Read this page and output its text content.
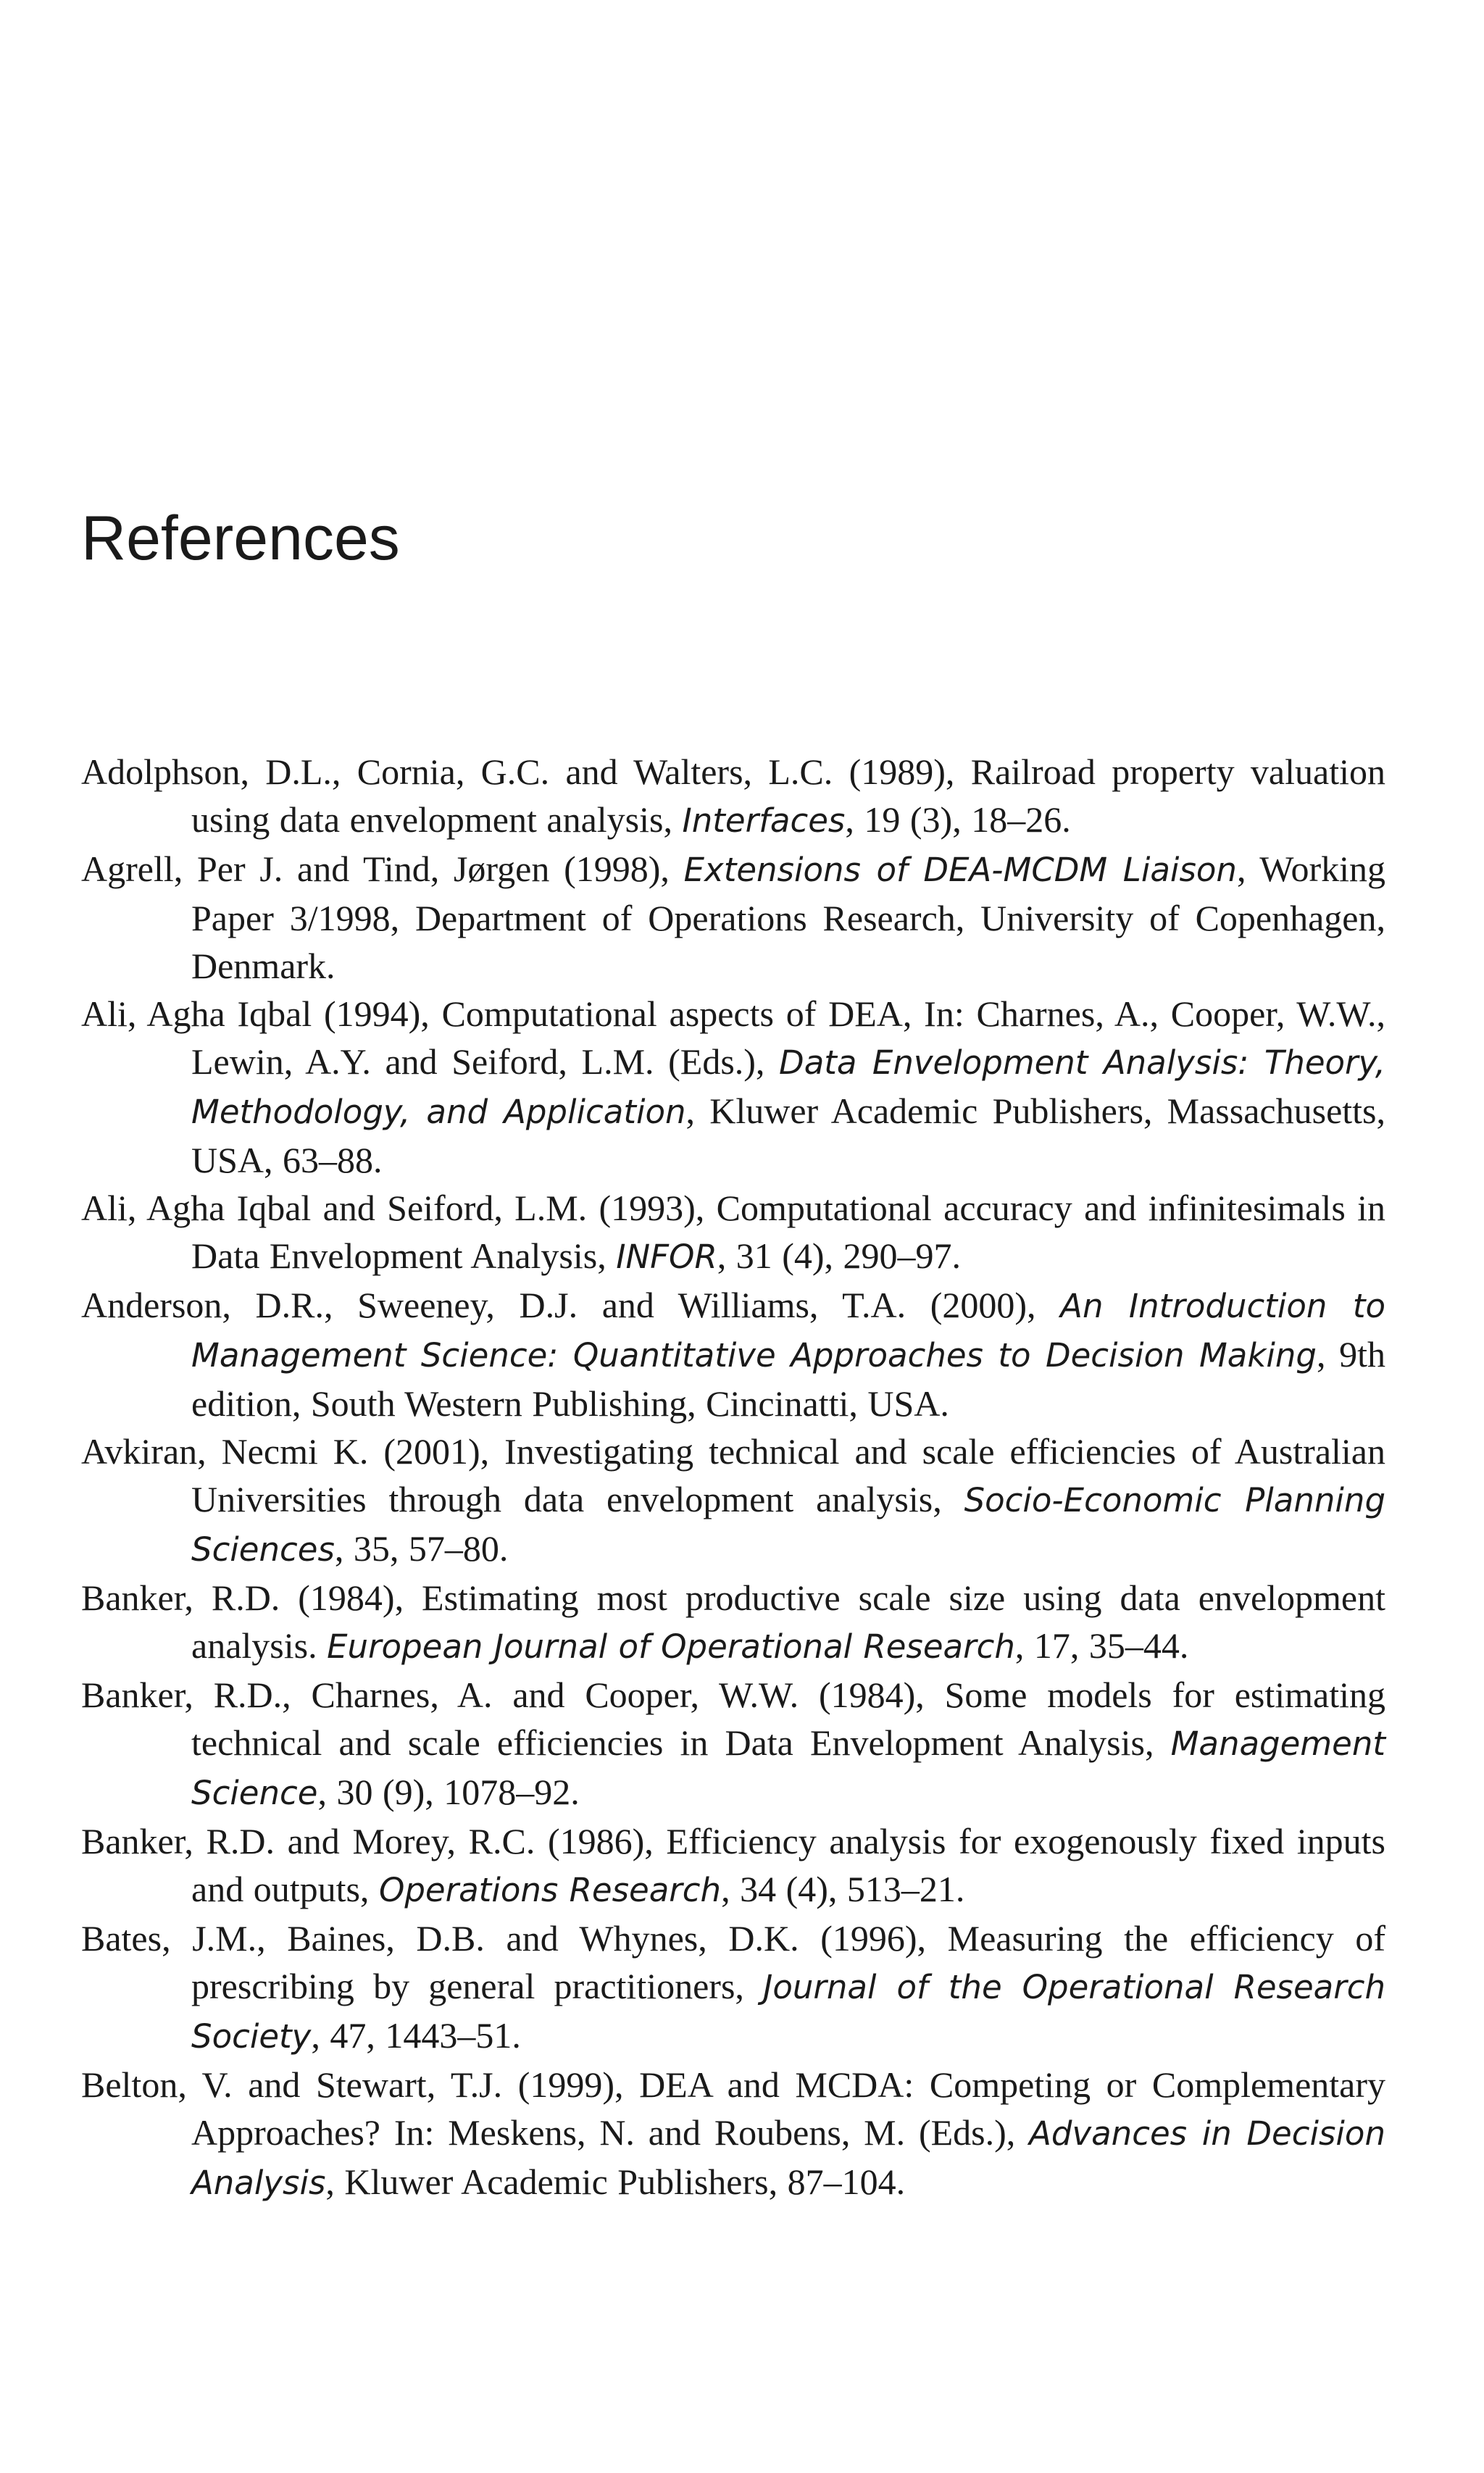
References

Adolphson, D.L., Cornia, G.C. and Walters, L.C. (1989), Railroad property valuation using data envelopment analysis, Interfaces, 19 (3), 18–26.

Agrell, Per J. and Tind, Jørgen (1998), Extensions of DEA-MCDM Liaison, Working Paper 3/1998, Department of Operations Research, University of Copenhagen, Denmark.

Ali, Agha Iqbal (1994), Computational aspects of DEA, In: Charnes, A., Cooper, W.W., Lewin, A.Y. and Seiford, L.M. (Eds.), Data Envelopment Analysis: Theory, Methodology, and Application, Kluwer Academic Publishers, Massachusetts, USA, 63–88.

Ali, Agha Iqbal and Seiford, L.M. (1993), Computational accuracy and infinitesimals in Data Envelopment Analysis, INFOR, 31 (4), 290–97.

Anderson, D.R., Sweeney, D.J. and Williams, T.A. (2000), An Introduction to Management Science: Quantitative Approaches to Decision Making, 9th edition, South Western Publishing, Cincinatti, USA.

Avkiran, Necmi K. (2001), Investigating technical and scale efficiencies of Australian Universities through data envelopment analysis, Socio-Economic Planning Sciences, 35, 57–80.

Banker, R.D. (1984), Estimating most productive scale size using data envelopment analysis. European Journal of Operational Research, 17, 35–44.

Banker, R.D., Charnes, A. and Cooper, W.W. (1984), Some models for estimating technical and scale efficiencies in Data Envelopment Analysis, Management Science, 30 (9), 1078–92.

Banker, R.D. and Morey, R.C. (1986), Efficiency analysis for exogenously fixed inputs and outputs, Operations Research, 34 (4), 513–21.

Bates, J.M., Baines, D.B. and Whynes, D.K. (1996), Measuring the efficiency of prescribing by general practitioners, Journal of the Operational Research Society, 47, 1443–51.

Belton, V. and Stewart, T.J. (1999), DEA and MCDA: Competing or Complementary Approaches? In: Meskens, N. and Roubens, M. (Eds.), Advances in Decision Analysis, Kluwer Academic Publishers, 87–104.
